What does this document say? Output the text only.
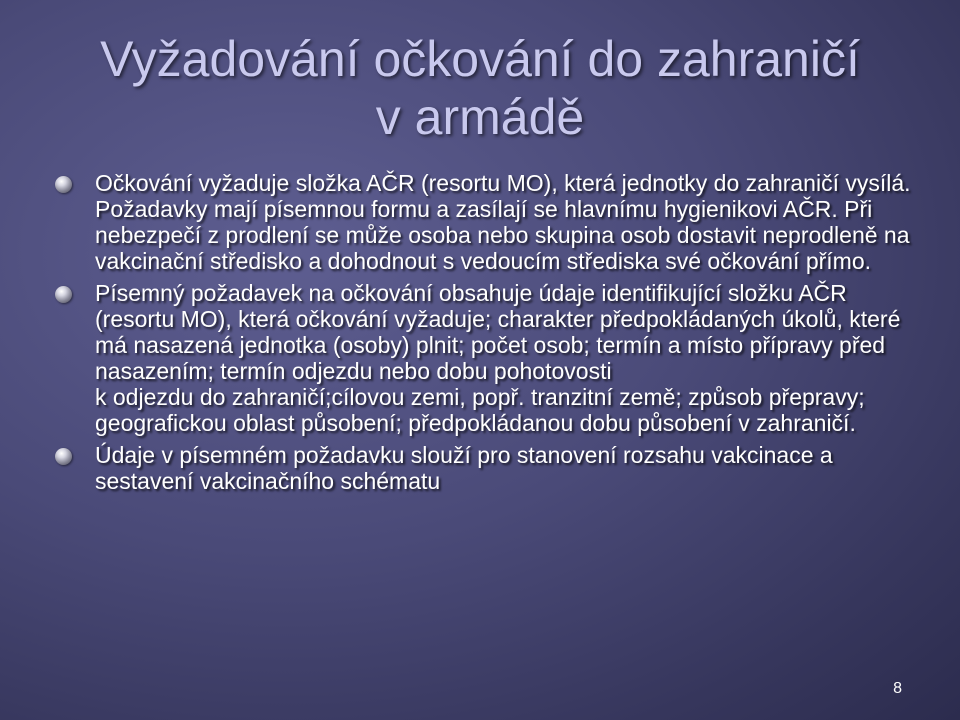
Vyžadování očkování do zahraničí
v armádě
Očkování vyžaduje složka AČR (resortu MO), která jednotky do zahraničí vysílá. Požadavky mají písemnou formu a zasílají se hlavnímu hygienikovi AČR. Při nebezpečí z prodlení se může osoba nebo skupina osob dostavit neprodleně na vakcinační středisko a dohodnout s vedoucím střediska své očkování přímo.
Písemný požadavek na očkování obsahuje údaje identifikující složku AČR (resortu MO), která očkování vyžaduje; charakter předpokládaných úkolů, které má nasazená jednotka (osoby) plnit; počet osob; termín a místo přípravy před nasazením; termín odjezdu nebo dobu pohotovosti
k odjezdu do zahraničí;cílovou zemi, popř. tranzitní země; způsob přepravy; geografickou oblast působení; předpokládanou dobu působení v zahraničí.
Údaje v písemném požadavku slouží pro stanovení rozsahu vakcinace a sestavení vakcinačního schématu
8
